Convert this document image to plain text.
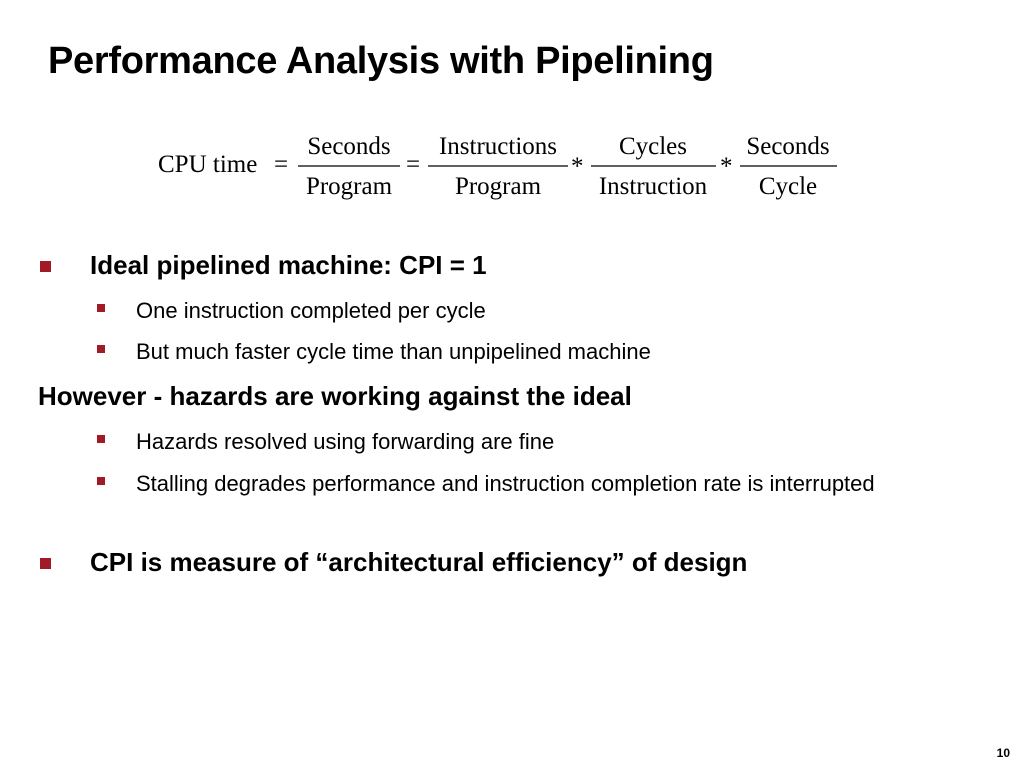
Performance Analysis with Pipelining
CPU time =
Seconds
Program
=
Instructions
Program
*
Cycles
Instruction
*
Seconds
Cycle
Ideal pipelined machine: CPI = 1
One instruction completed per cycle
But much faster cycle time than unpipelined machine
However - hazards are working against the ideal
Hazards resolved using forwarding are fine
Stalling degrades performance and instruction completion rate is interrupted
CPI is measure of “architectural efficiency” of design
10
